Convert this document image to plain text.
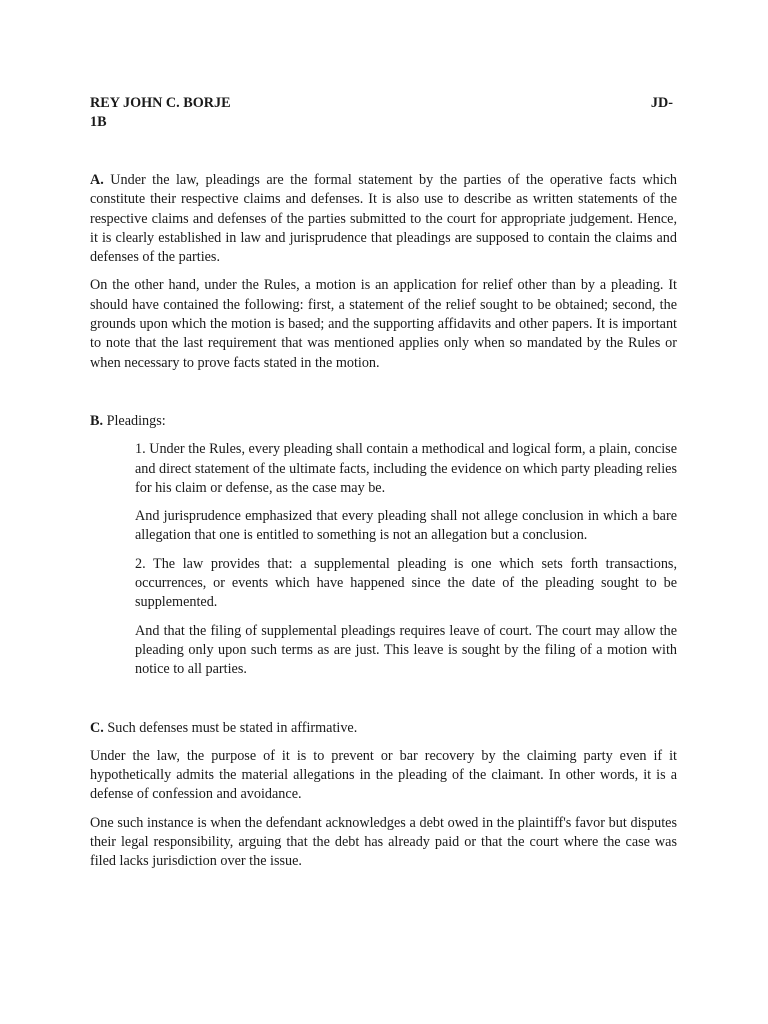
REY JOHN C. BORJE	JD-
1B

A. Under the law, pleadings are the formal statement by the parties of the operative facts which constitute their respective claims and defenses. It is also use to describe as written statements of the respective claims and defenses of the parties submitted to the court for appropriate judgement. Hence, it is clearly established in law and jurisprudence that pleadings are supposed to contain the claims and defenses of the parties.

On the other hand, under the Rules, a motion is an application for relief other than by a pleading. It should have contained the following: first, a statement of the relief sought to be obtained; second, the grounds upon which the motion is based; and the supporting affidavits and other papers. It is important to note that the last requirement that was mentioned applies only when so mandated by the Rules or when necessary to prove facts stated in the motion.

B. Pleadings:

1. Under the Rules, every pleading shall contain a methodical and logical form, a plain, concise and direct statement of the ultimate facts, including the evidence on which party pleading relies for his claim or defense, as the case may be.

And jurisprudence emphasized that every pleading shall not allege conclusion in which a bare allegation that one is entitled to something is not an allegation but a conclusion.

2. The law provides that: a supplemental pleading is one which sets forth transactions, occurrences, or events which have happened since the date of the pleading sought to be supplemented.

And that the filing of supplemental pleadings requires leave of court. The court may allow the pleading only upon such terms as are just. This leave is sought by the filing of a motion with notice to all parties.

C. Such defenses must be stated in affirmative.

Under the law, the purpose of it is to prevent or bar recovery by the claiming party even if it hypothetically admits the material allegations in the pleading of the claimant. In other words, it is a defense of confession and avoidance.

One such instance is when the defendant acknowledges a debt owed in the plaintiff's favor but disputes their legal responsibility, arguing that the debt has already paid or that the court where the case was filed lacks jurisdiction over the issue.
